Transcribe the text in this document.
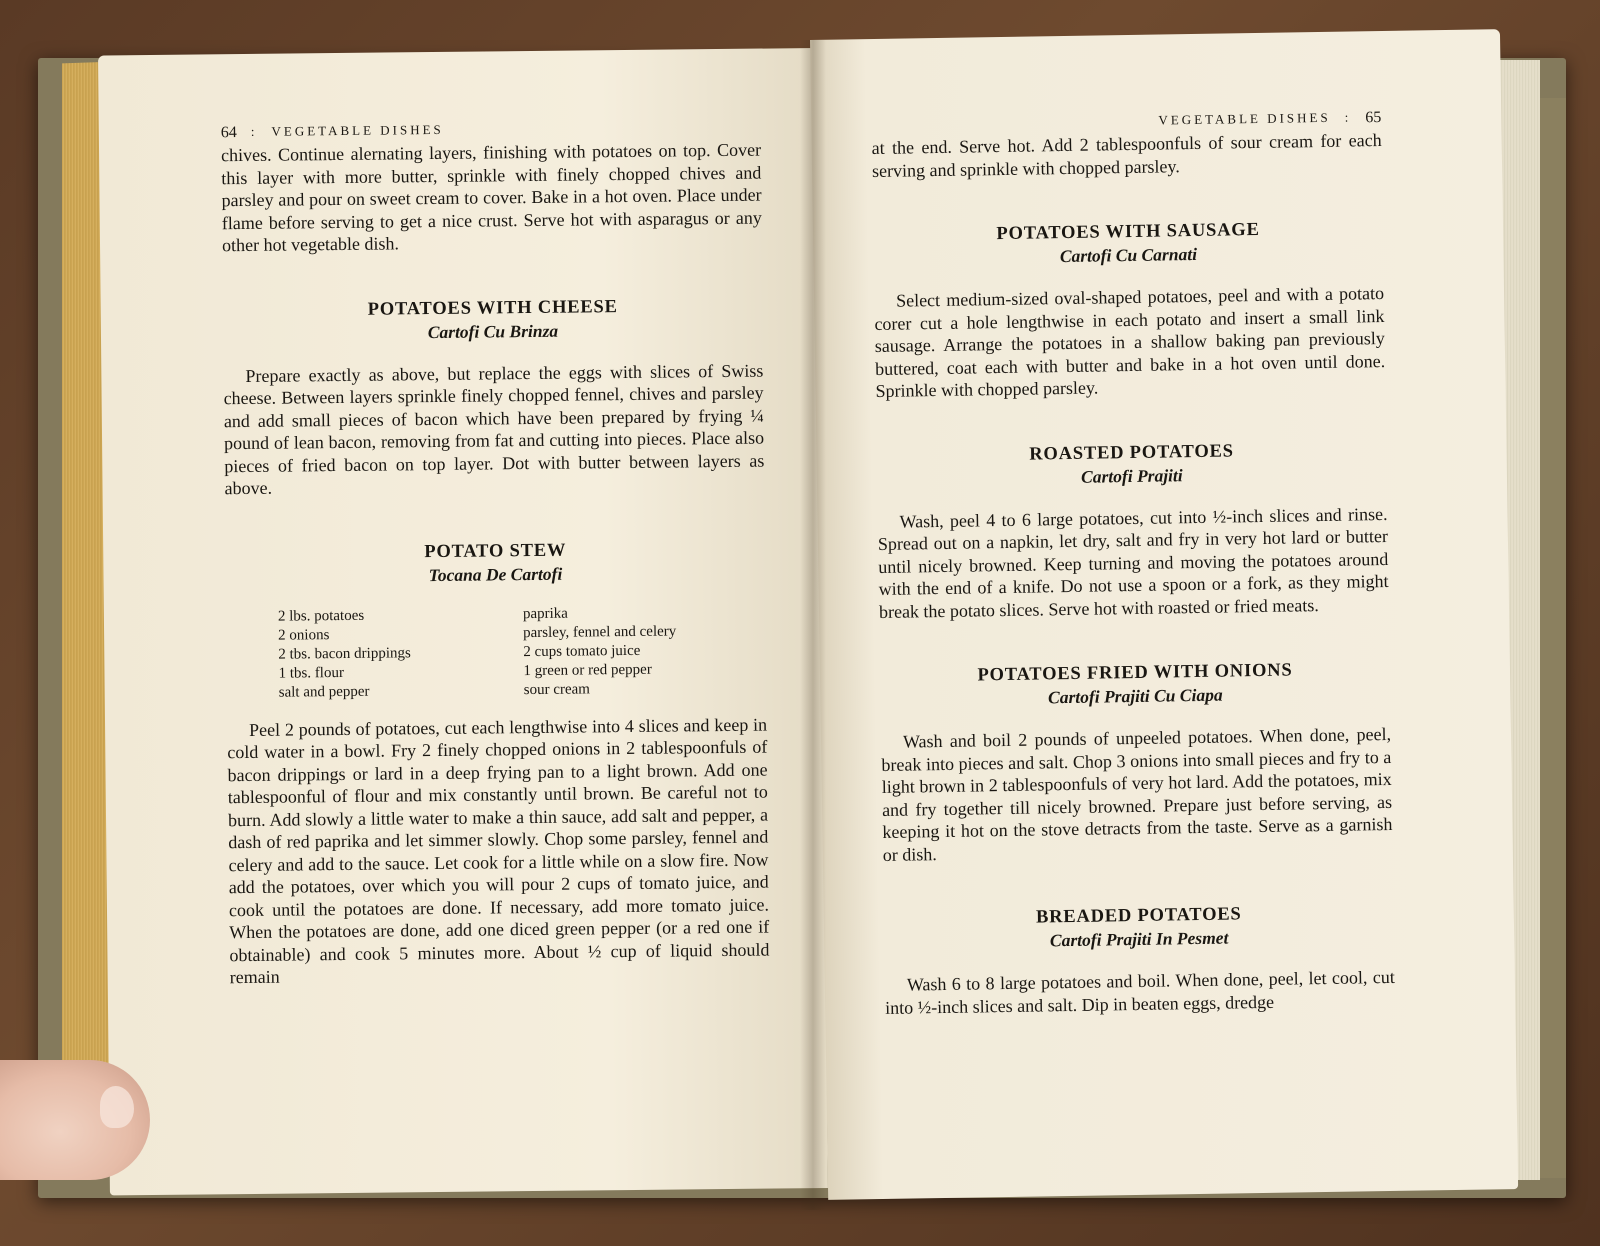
64 : VEGETABLE DISHES

chives. Continue alernating layers, finishing with potatoes on top. Cover this layer with more butter, sprinkle with finely chopped chives and parsley and pour on sweet cream to cover. Bake in a hot oven. Place under flame before serving to get a nice crust. Serve hot with asparagus or any other hot vegetable dish.

POTATOES WITH CHEESE
Cartofi Cu Brinza

Prepare exactly as above, but replace the eggs with slices of Swiss cheese. Between layers sprinkle finely chopped fennel, chives and parsley and add small pieces of bacon which have been prepared by frying ¼ pound of lean bacon, removing from fat and cutting into pieces. Place also pieces of fried bacon on top layer. Dot with butter between layers as above.

POTATO STEW
Tocana De Cartofi
2 lbs. potatoes	paprika
2 onions	parsley, fennel and celery
2 tbs. bacon drippings	2 cups tomato juice
1 tbs. flour	1 green or red pepper
salt and pepper	sour cream

Peel 2 pounds of potatoes, cut each lengthwise into 4 slices and keep in cold water in a bowl. Fry 2 finely chopped onions in 2 tablespoonfuls of bacon drippings or lard in a deep frying pan to a light brown. Add one tablespoonful of flour and mix constantly until brown. Be careful not to burn. Add slowly a little water to make a thin sauce, add salt and pepper, a dash of red paprika and let simmer slowly. Chop some parsley, fennel and celery and add to the sauce. Let cook for a little while on a slow fire. Now add the potatoes, over which you will pour 2 cups of tomato juice, and cook until the potatoes are done. If necessary, add more tomato juice. When the potatoes are done, add one diced green pepper (or a red one if obtainable) and cook 5 minutes more. About ½ cup of liquid should remain

VEGETABLE DISHES : 65

at the end. Serve hot. Add 2 tablespoonfuls of sour cream for each serving and sprinkle with chopped parsley.

POTATOES WITH SAUSAGE
Cartofi Cu Carnati

Select medium-sized oval-shaped potatoes, peel and with a potato corer cut a hole lengthwise in each potato and insert a small link sausage. Arrange the potatoes in a shallow baking pan previously buttered, coat each with butter and bake in a hot oven until done. Sprinkle with chopped parsley.

ROASTED POTATOES
Cartofi Prajiti

Wash, peel 4 to 6 large potatoes, cut into ½-inch slices and rinse. Spread out on a napkin, let dry, salt and fry in very hot lard or butter until nicely browned. Keep turning and moving the potatoes around with the end of a knife. Do not use a spoon or a fork, as they might break the potato slices. Serve hot with roasted or fried meats.

POTATOES FRIED WITH ONIONS
Cartofi Prajiti Cu Ciapa

Wash and boil 2 pounds of unpeeled potatoes. When done, peel, break into pieces and salt. Chop 3 onions into small pieces and fry to a light brown in 2 tablespoonfuls of very hot lard. Add the potatoes, mix and fry together till nicely browned. Prepare just before serving, as keeping it hot on the stove detracts from the taste. Serve as a garnish or dish.

BREADED POTATOES
Cartofi Prajiti In Pesmet

Wash 6 to 8 large potatoes and boil. When done, peel, let cool, cut into ½-inch slices and salt. Dip in beaten eggs, dredge
